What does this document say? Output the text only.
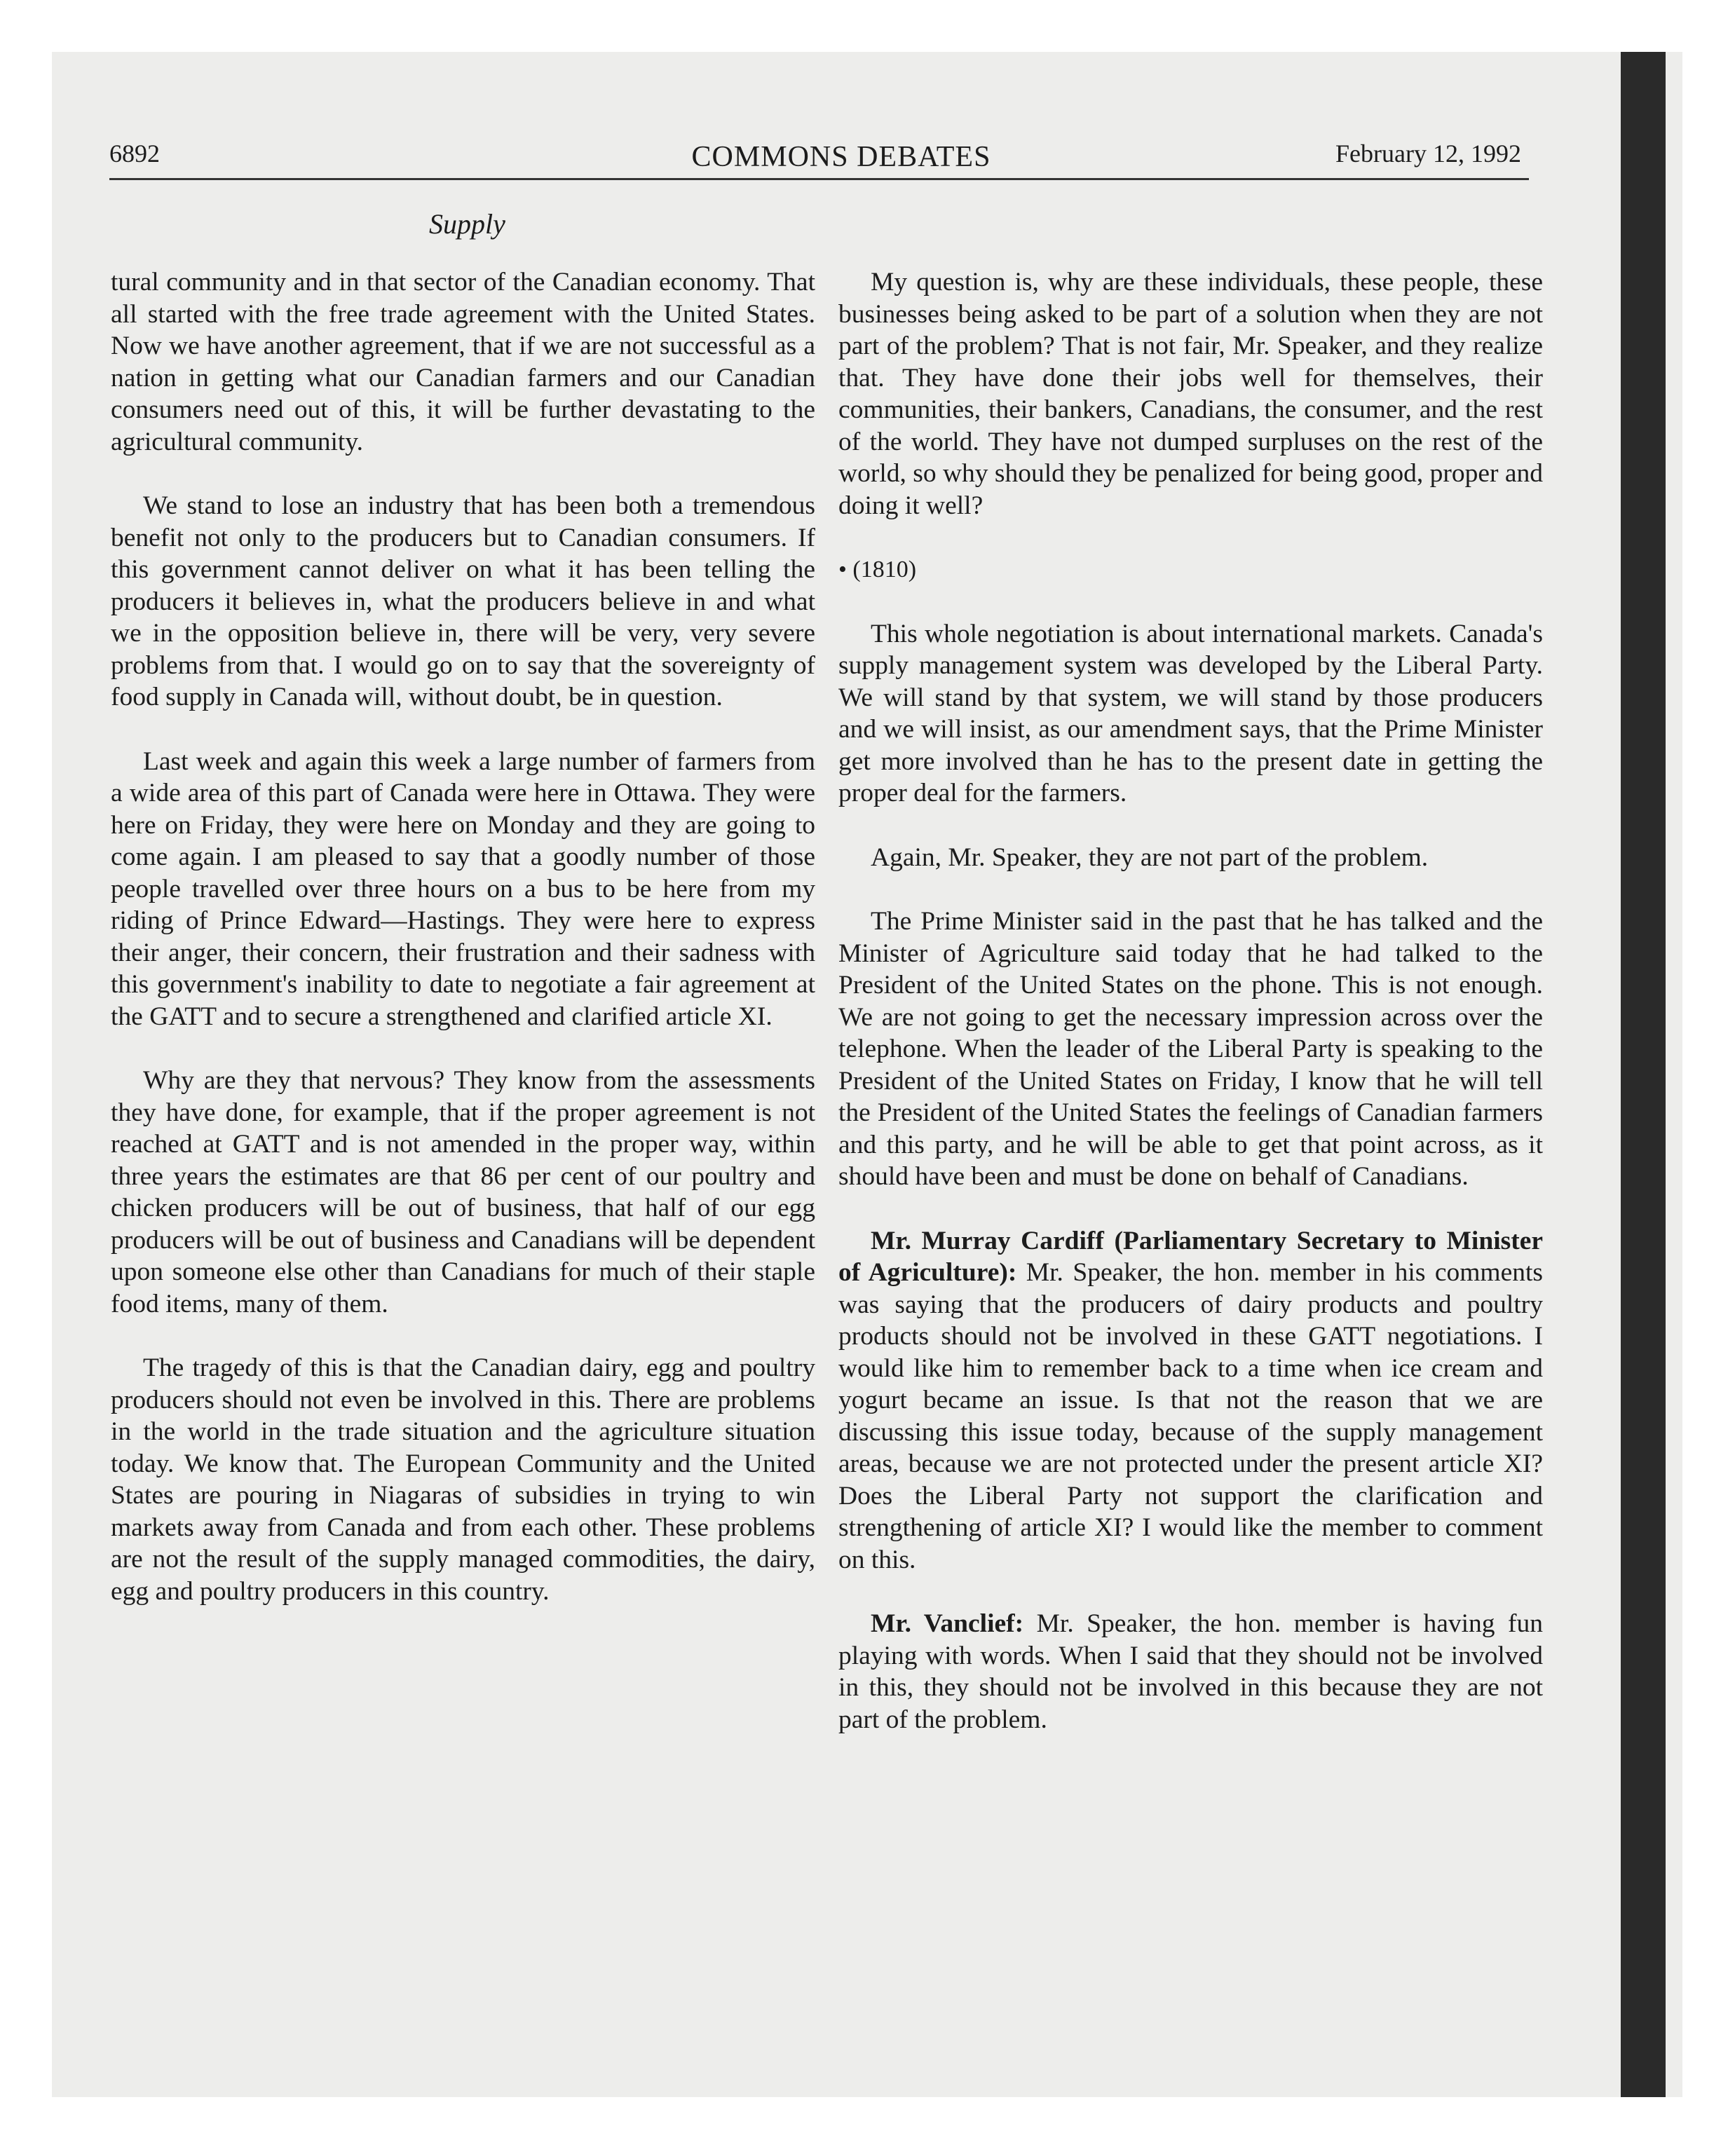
6892	COMMONS DEBATES	February 12, 1992
Supply

tural community and in that sector of the Canadian economy. That all started with the free trade agreement with the United States. Now we have another agreement, that if we are not successful as a nation in getting what our Canadian farmers and our Canadian consumers need out of this, it will be further devastating to the agricultural community.

We stand to lose an industry that has been both a tremendous benefit not only to the producers but to Canadian consumers. If this government cannot deliver on what it has been telling the producers it believes in, what the producers believe in and what we in the opposition believe in, there will be very, very severe problems from that. I would go on to say that the sovereignty of food supply in Canada will, without doubt, be in question.

Last week and again this week a large number of farmers from a wide area of this part of Canada were here in Ottawa. They were here on Friday, they were here on Monday and they are going to come again. I am pleased to say that a goodly number of those people travelled over three hours on a bus to be here from my riding of Prince Edward—Hastings. They were here to express their anger, their concern, their frustration and their sadness with this government's inability to date to negotiate a fair agreement at the GATT and to secure a strengthened and clarified article XI.

Why are they that nervous? They know from the assessments they have done, for example, that if the proper agreement is not reached at GATT and is not amended in the proper way, within three years the estimates are that 86 per cent of our poultry and chicken producers will be out of business, that half of our egg producers will be out of business and Canadians will be dependent upon someone else other than Canadians for much of their staple food items, many of them.

The tragedy of this is that the Canadian dairy, egg and poultry producers should not even be involved in this. There are problems in the world in the trade situation and the agriculture situation today. We know that. The European Community and the United States are pouring in Niagaras of subsidies in trying to win markets away from Canada and from each other. These problems are not the result of the supply managed commodities, the dairy, egg and poultry producers in this country.

My question is, why are these individuals, these people, these businesses being asked to be part of a solution when they are not part of the problem? That is not fair, Mr. Speaker, and they realize that. They have done their jobs well for themselves, their communities, their bankers, Canadians, the consumer, and the rest of the world. They have not dumped surpluses on the rest of the world, so why should they be penalized for being good, proper and doing it well?

• (1810)

This whole negotiation is about international markets. Canada's supply management system was developed by the Liberal Party. We will stand by that system, we will stand by those producers and we will insist, as our amendment says, that the Prime Minister get more involved than he has to the present date in getting the proper deal for the farmers.

Again, Mr. Speaker, they are not part of the problem.

The Prime Minister said in the past that he has talked and the Minister of Agriculture said today that he had talked to the President of the United States on the phone. This is not enough. We are not going to get the necessary impression across over the telephone. When the leader of the Liberal Party is speaking to the President of the United States on Friday, I know that he will tell the President of the United States the feelings of Canadian farmers and this party, and he will be able to get that point across, as it should have been and must be done on behalf of Canadians.

Mr. Murray Cardiff (Parliamentary Secretary to Minister of Agriculture): Mr. Speaker, the hon. member in his comments was saying that the producers of dairy products and poultry products should not be involved in these GATT negotiations. I would like him to remember back to a time when ice cream and yogurt became an issue. Is that not the reason that we are discussing this issue today, because of the supply management areas, because we are not protected under the present article XI? Does the Liberal Party not support the clarification and strengthening of article XI? I would like the member to comment on this.

Mr. Vanclief: Mr. Speaker, the hon. member is having fun playing with words. When I said that they should not be involved in this, they should not be involved in this because they are not part of the problem.
